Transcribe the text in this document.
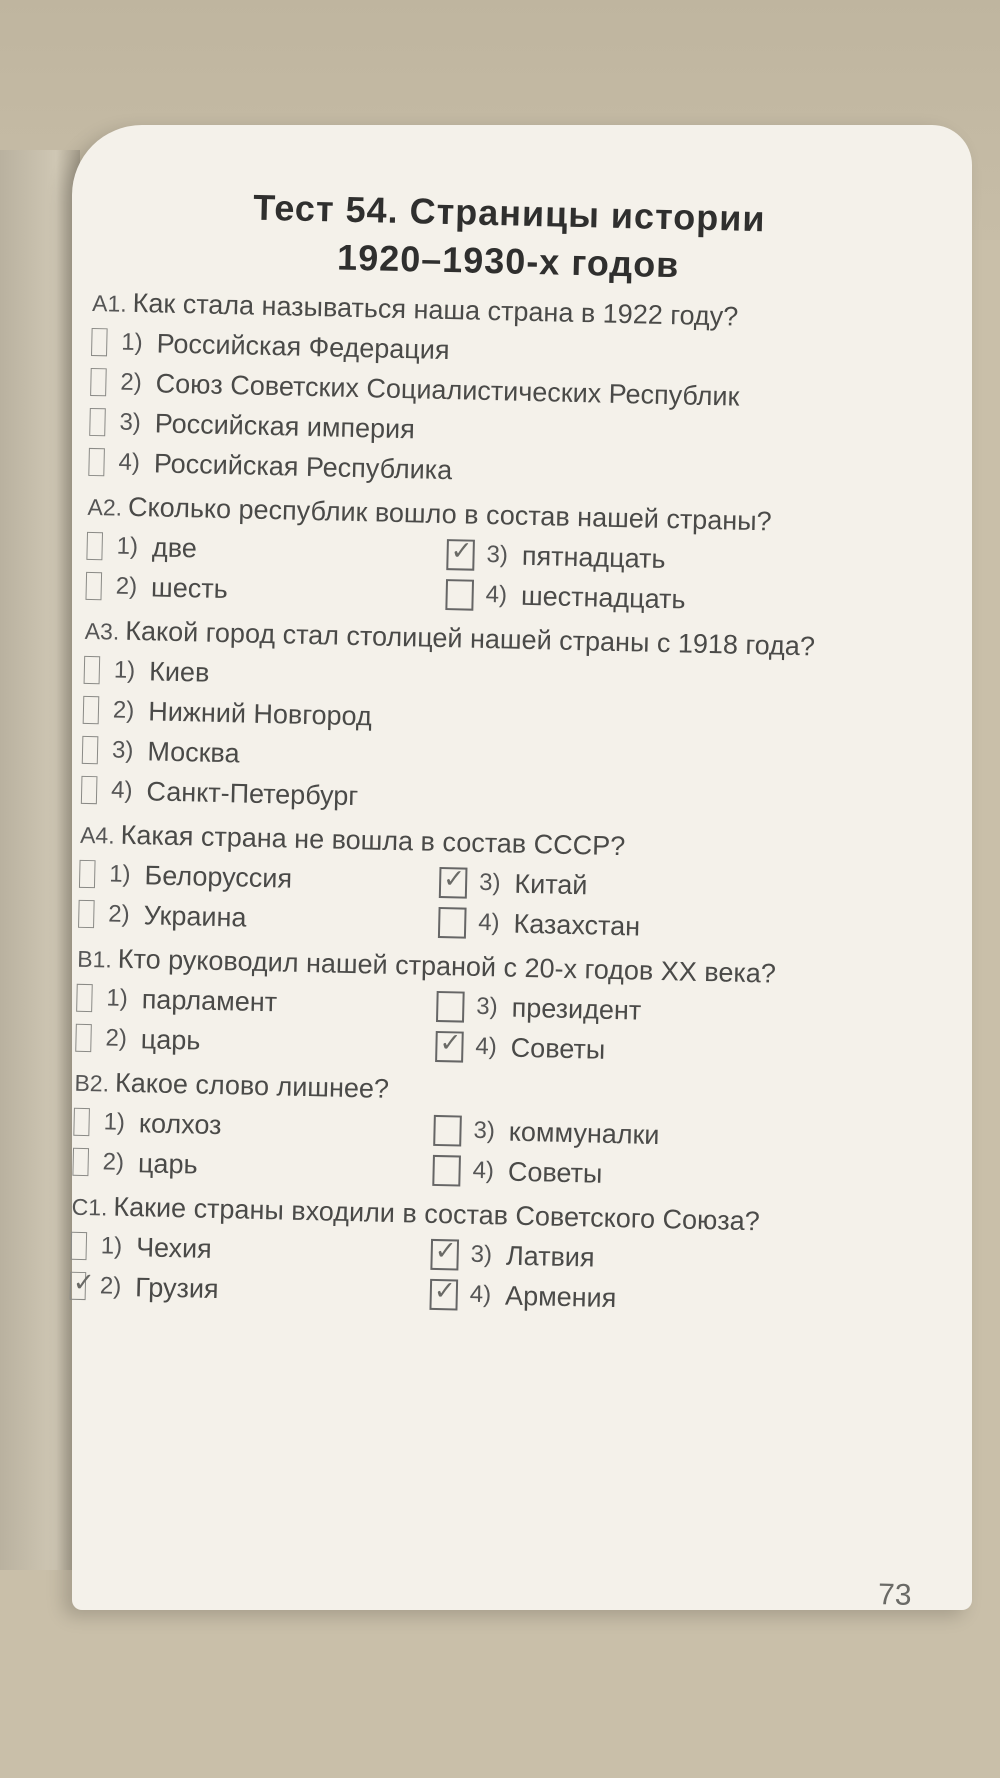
Тест 54. Страницы истории
1920–1930-х годов
A1. Как стала называться наша страна в 1922 году?
1) Российская Федерация
2) Союз Советских Социалистических Республик
3) Российская империя
4) Российская Республика
A2. Сколько республик вошло в состав нашей страны?
1) две ✓	3) пятнадцать
2) шесть	4) шестнадцать
A3. Какой город стал столицей нашей страны с 1918 года?
1) Киев
2) Нижний Новгород
3) Москва
4) Санкт-Петербург
A4. Какая страна не вошла в состав СССР?
1) Белоруссия ✓	3) Китай
2) Украина	4) Казахстан
B1. Кто руководил нашей страной с 20-х годов XX века?
1) парламент	3) президент
2) царь ✓	4) Советы
B2. Какое слово лишнее?
1) колхоз	3) коммуналки
2) царь	4) Советы
C1. Какие страны входили в состав Советского Союза?
1) Чехия ✓	3) Латвия
✓
2) Грузия ✓	4) Армения
73
